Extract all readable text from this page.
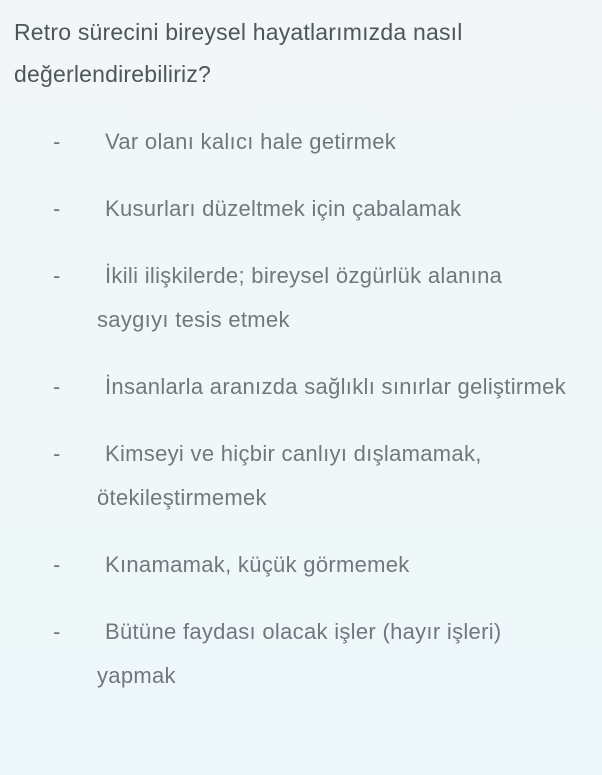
Retro sürecini bireysel hayatlarımızda nasıl değerlendirebiliriz?
- Var olanı kalıcı hale getirmek
- Kusurları düzeltmek için çabalamak
- İkili ilişkilerde; bireysel özgürlük alanına saygıyı tesis etmek
- İnsanlarla aranızda sağlıklı sınırlar geliştirmek
- Kimseyi ve hiçbir canlıyı dışlamamak, ötekileştirmemek
- Kınamamak, küçük görmemek
- Bütüne faydası olacak işler (hayır işleri) yapmak
